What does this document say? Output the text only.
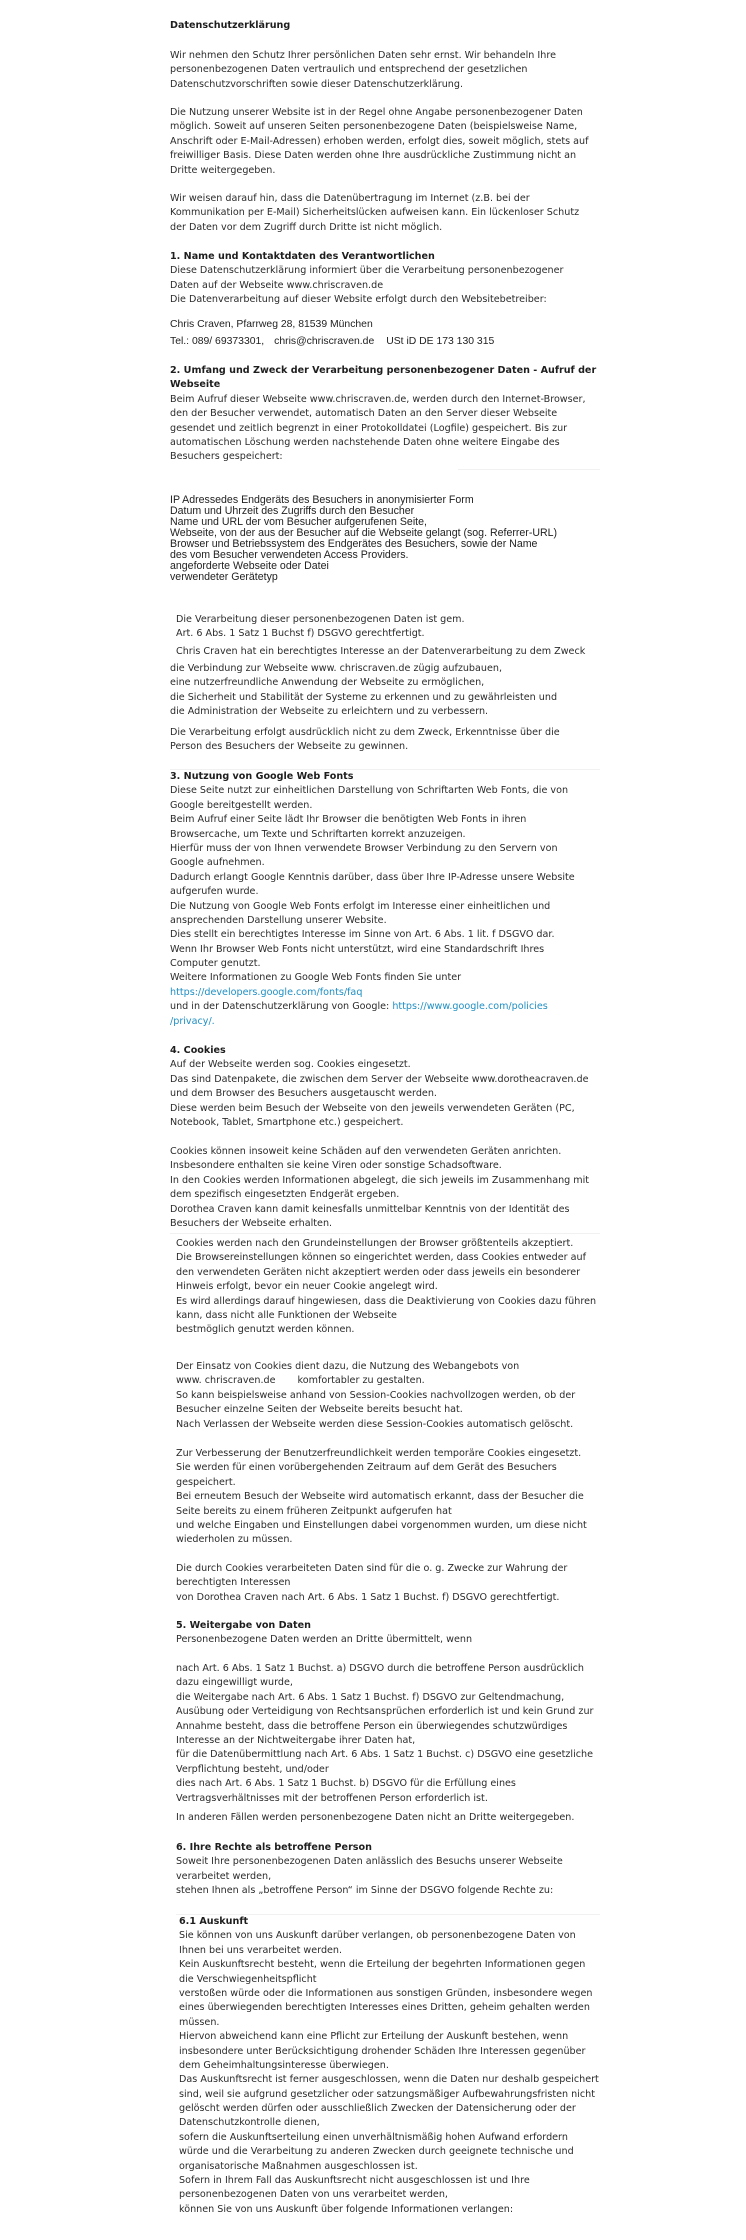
Datenschutzerklärung
Wir nehmen den Schutz Ihrer persönlichen Daten sehr ernst. Wir behandeln Ihre
personenbezogenen Daten vertraulich und entsprechend der gesetzlichen
Datenschutzvorschriften sowie dieser Datenschutzerklärung.
Die Nutzung unserer Website ist in der Regel ohne Angabe personenbezogener Daten
möglich. Soweit auf unseren Seiten personenbezogene Daten (beispielsweise Name,
Anschrift oder E-Mail-Adressen) erhoben werden, erfolgt dies, soweit möglich, stets auf
freiwilliger Basis. Diese Daten werden ohne Ihre ausdrückliche Zustimmung nicht an
Dritte weitergegeben.
Wir weisen darauf hin, dass die Datenübertragung im Internet (z.B. bei der
Kommunikation per E-Mail) Sicherheitslücken aufweisen kann. Ein lückenloser Schutz
der Daten vor dem Zugriff durch Dritte ist nicht möglich.
1. Name und Kontaktdaten des Verantwortlichen
Diese Datenschutzerklärung informiert über die Verarbeitung personenbezogener
Daten auf der Webseite www.chriscraven.de
Die Datenverarbeitung auf dieser Website erfolgt durch den Websitebetreiber:
Chris Craven, Pfarrweg 28, 81539 München
Tel.: 089/ 69373301, chris@chriscraven.de USt iD DE 173 130 315
2. Umfang und Zweck der Verarbeitung personenbezogener Daten - Aufruf der
Webseite
Beim Aufruf dieser Webseite www.chriscraven.de, werden durch den Internet-Browser,
den der Besucher verwendet, automatisch Daten an den Server dieser Webseite
gesendet und zeitlich begrenzt in einer Protokolldatei (Logfile) gespeichert. Bis zur
automatischen Löschung werden nachstehende Daten ohne weitere Eingabe des
Besuchers gespeichert:
IP Adressedes Endgeräts des Besuchers in anonymisierter Form
Datum und Uhrzeit des Zugriffs durch den Besucher
Name und URL der vom Besucher aufgerufenen Seite,
Webseite, von der aus der Besucher auf die Webseite gelangt (sog. Referrer-URL)
Browser und Betriebssystem des Endgerätes des Besuchers, sowie der Name
des vom Besucher verwendeten Access Providers.
angeforderte Webseite oder Datei
verwendeter Gerätetyp
Die Verarbeitung dieser personenbezogenen Daten ist gem.
Art. 6 Abs. 1 Satz 1 Buchst f) DSGVO gerechtfertigt.
Chris Craven hat ein berechtigtes Interesse an der Datenverarbeitung zu dem Zweck
die Verbindung zur Webseite www. chriscraven.de zügig aufzubauen,
eine nutzerfreundliche Anwendung der Webseite zu ermöglichen,
die Sicherheit und Stabilität der Systeme zu erkennen und zu gewährleisten und
die Administration der Webseite zu erleichtern und zu verbessern.
Die Verarbeitung erfolgt ausdrücklich nicht zu dem Zweck, Erkenntnisse über die
Person des Besuchers der Webseite zu gewinnen.
3. Nutzung von Google Web Fonts
Diese Seite nutzt zur einheitlichen Darstellung von Schriftarten Web Fonts, die von
Google bereitgestellt werden.
Beim Aufruf einer Seite lädt Ihr Browser die benötigten Web Fonts in ihren
Browsercache, um Texte und Schriftarten korrekt anzuzeigen.
Hierfür muss der von Ihnen verwendete Browser Verbindung zu den Servern von
Google aufnehmen.
Dadurch erlangt Google Kenntnis darüber, dass über Ihre IP-Adresse unsere Website
aufgerufen wurde.
Die Nutzung von Google Web Fonts erfolgt im Interesse einer einheitlichen und
ansprechenden Darstellung unserer Website.
Dies stellt ein berechtigtes Interesse im Sinne von Art. 6 Abs. 1 lit. f DSGVO dar.
Wenn Ihr Browser Web Fonts nicht unterstützt, wird eine Standardschrift Ihres
Computer genutzt.
Weitere Informationen zu Google Web Fonts finden Sie unter
https://developers.google.com/fonts/faq
und in der Datenschutzerklärung von Google: https://www.google.com/policies
/privacy/.
4. Cookies
Auf der Webseite werden sog. Cookies eingesetzt.
Das sind Datenpakete, die zwischen dem Server der Webseite www.dorotheacraven.de
und dem Browser des Besuchers ausgetauscht werden.
Diese werden beim Besuch der Webseite von den jeweils verwendeten Geräten (PC,
Notebook, Tablet, Smartphone etc.) gespeichert.
Cookies können insoweit keine Schäden auf den verwendeten Geräten anrichten.
Insbesondere enthalten sie keine Viren oder sonstige Schadsoftware.
In den Cookies werden Informationen abgelegt, die sich jeweils im Zusammenhang mit
dem spezifisch eingesetzten Endgerät ergeben.
Dorothea Craven kann damit keinesfalls unmittelbar Kenntnis von der Identität des
Besuchers der Webseite erhalten.
Cookies werden nach den Grundeinstellungen der Browser größtenteils akzeptiert.
Die Browsereinstellungen können so eingerichtet werden, dass Cookies entweder auf
den verwendeten Geräten nicht akzeptiert werden oder dass jeweils ein besonderer
Hinweis erfolgt, bevor ein neuer Cookie angelegt wird.
Es wird allerdings darauf hingewiesen, dass die Deaktivierung von Cookies dazu führen
kann, dass nicht alle Funktionen der Webseite
bestmöglich genutzt werden können.
Der Einsatz von Cookies dient dazu, die Nutzung des Webangebots von
www. chriscraven.de komfortabler zu gestalten.
So kann beispielsweise anhand von Session-Cookies nachvollzogen werden, ob der
Besucher einzelne Seiten der Webseite bereits besucht hat.
Nach Verlassen der Webseite werden diese Session-Cookies automatisch gelöscht.
Zur Verbesserung der Benutzerfreundlichkeit werden temporäre Cookies eingesetzt.
Sie werden für einen vorübergehenden Zeitraum auf dem Gerät des Besuchers
gespeichert.
Bei erneutem Besuch der Webseite wird automatisch erkannt, dass der Besucher die
Seite bereits zu einem früheren Zeitpunkt aufgerufen hat
und welche Eingaben und Einstellungen dabei vorgenommen wurden, um diese nicht
wiederholen zu müssen.
Die durch Cookies verarbeiteten Daten sind für die o. g. Zwecke zur Wahrung der
berechtigten Interessen
von Dorothea Craven nach Art. 6 Abs. 1 Satz 1 Buchst. f) DSGVO gerechtfertigt.
5. Weitergabe von Daten
Personenbezogene Daten werden an Dritte übermittelt, wenn
nach Art. 6 Abs. 1 Satz 1 Buchst. a) DSGVO durch die betroffene Person ausdrücklich
dazu eingewilligt wurde,
die Weitergabe nach Art. 6 Abs. 1 Satz 1 Buchst. f) DSGVO zur Geltendmachung,
Ausübung oder Verteidigung von Rechtsansprüchen erforderlich ist und kein Grund zur
Annahme besteht, dass die betroffene Person ein überwiegendes schutzwürdiges
Interesse an der Nichtweitergabe ihrer Daten hat,
für die Datenübermittlung nach Art. 6 Abs. 1 Satz 1 Buchst. c) DSGVO eine gesetzliche
Verpflichtung besteht, und/oder
dies nach Art. 6 Abs. 1 Satz 1 Buchst. b) DSGVO für die Erfüllung eines
Vertragsverhältnisses mit der betroffenen Person erforderlich ist.
In anderen Fällen werden personenbezogene Daten nicht an Dritte weitergegeben.
6. Ihre Rechte als betroffene Person
Soweit Ihre personenbezogenen Daten anlässlich des Besuchs unserer Webseite
verarbeitet werden,
stehen Ihnen als „betroffene Person“ im Sinne der DSGVO folgende Rechte zu:
6.1 Auskunft
Sie können von uns Auskunft darüber verlangen, ob personenbezogene Daten von
Ihnen bei uns verarbeitet werden.
Kein Auskunftsrecht besteht, wenn die Erteilung der begehrten Informationen gegen
die Verschwiegenheitspflicht
verstoßen würde oder die Informationen aus sonstigen Gründen, insbesondere wegen
eines überwiegenden berechtigten Interesses eines Dritten, geheim gehalten werden
müssen.
Hiervon abweichend kann eine Pflicht zur Erteilung der Auskunft bestehen, wenn
insbesondere unter Berücksichtigung drohender Schäden Ihre Interessen gegenüber
dem Geheimhaltungsinteresse überwiegen.
Das Auskunftsrecht ist ferner ausgeschlossen, wenn die Daten nur deshalb gespeichert
sind, weil sie aufgrund gesetzlicher oder satzungsmäßiger Aufbewahrungsfristen nicht
gelöscht werden dürfen oder ausschließlich Zwecken der Datensicherung oder der
Datenschutzkontrolle dienen,
sofern die Auskunftserteilung einen unverhältnismäßig hohen Aufwand erfordern
würde und die Verarbeitung zu anderen Zwecken durch geeignete technische und
organisatorische Maßnahmen ausgeschlossen ist.
Sofern in Ihrem Fall das Auskunftsrecht nicht ausgeschlossen ist und Ihre
personenbezogenen Daten von uns verarbeitet werden,
können Sie von uns Auskunft über folgende Informationen verlangen:
